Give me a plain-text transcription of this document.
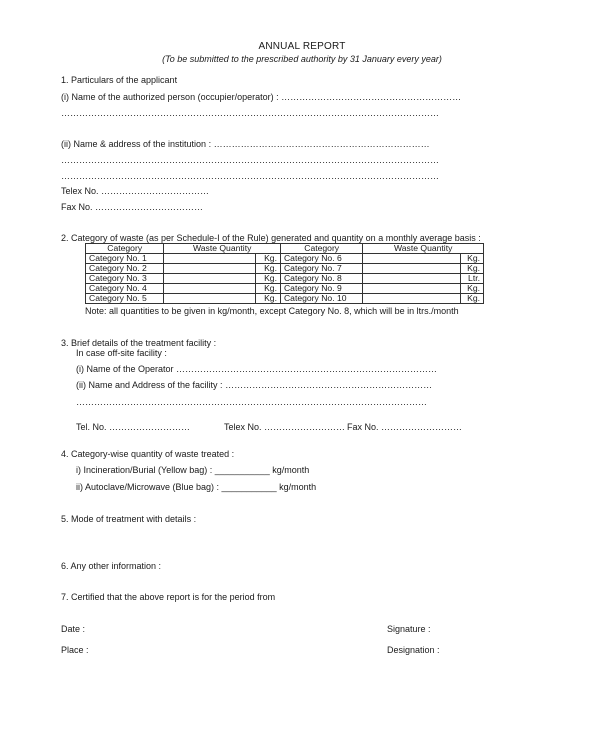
ANNUAL REPORT
(To be submitted to the prescribed authority by 31 January every year)
1. Particulars of the applicant
(i) Name of the authorized person (occupier/operator) : ……………………………………………………
………………………………………………………………………………………………………………
(ii) Name & address of the institution : ………………………………………………………………
………………………………………………………………………………………………………………
………………………………………………………………………………………………………………
Telex No. ………………………………
Fax No. ………………………………
2. Category of waste (as per Schedule-I of the Rule) generated and quantity on a monthly average basis :
Category	Waste Quantity		Category	Waste Quantity	
Category No. 1		Kg.	Category No. 6		Kg.
Category No. 2		Kg.	Category No. 7		Kg.
Category No. 3		Kg.	Category No. 8		Ltr.
Category No. 4		Kg.	Category No. 9		Kg.
Category No. 5		Kg.	Category No. 10		Kg.
Note: all quantities to be given in kg/month, except Category No. 8, which will be in ltrs./month
3. Brief details of the treatment facility :
In case off-site facility :
(i) Name of the Operator ……………………………………………………………………………
(ii) Name and Address of the facility : ……………………………………………………………
………………………………………………………………………………………………………
Tel. No. ………………………	Telex No. ……………………… Fax No. ………………………
4. Category-wise quantity of waste treated :
i) Incineration/Burial (Yellow bag) : ___________ kg/month
ii) Autoclave/Microwave (Blue bag) : ___________ kg/month
5. Mode of treatment with details :
6. Any other information :
7. Certified that the above report is for the period from
Date :	Signature :
Place :	Designation :
